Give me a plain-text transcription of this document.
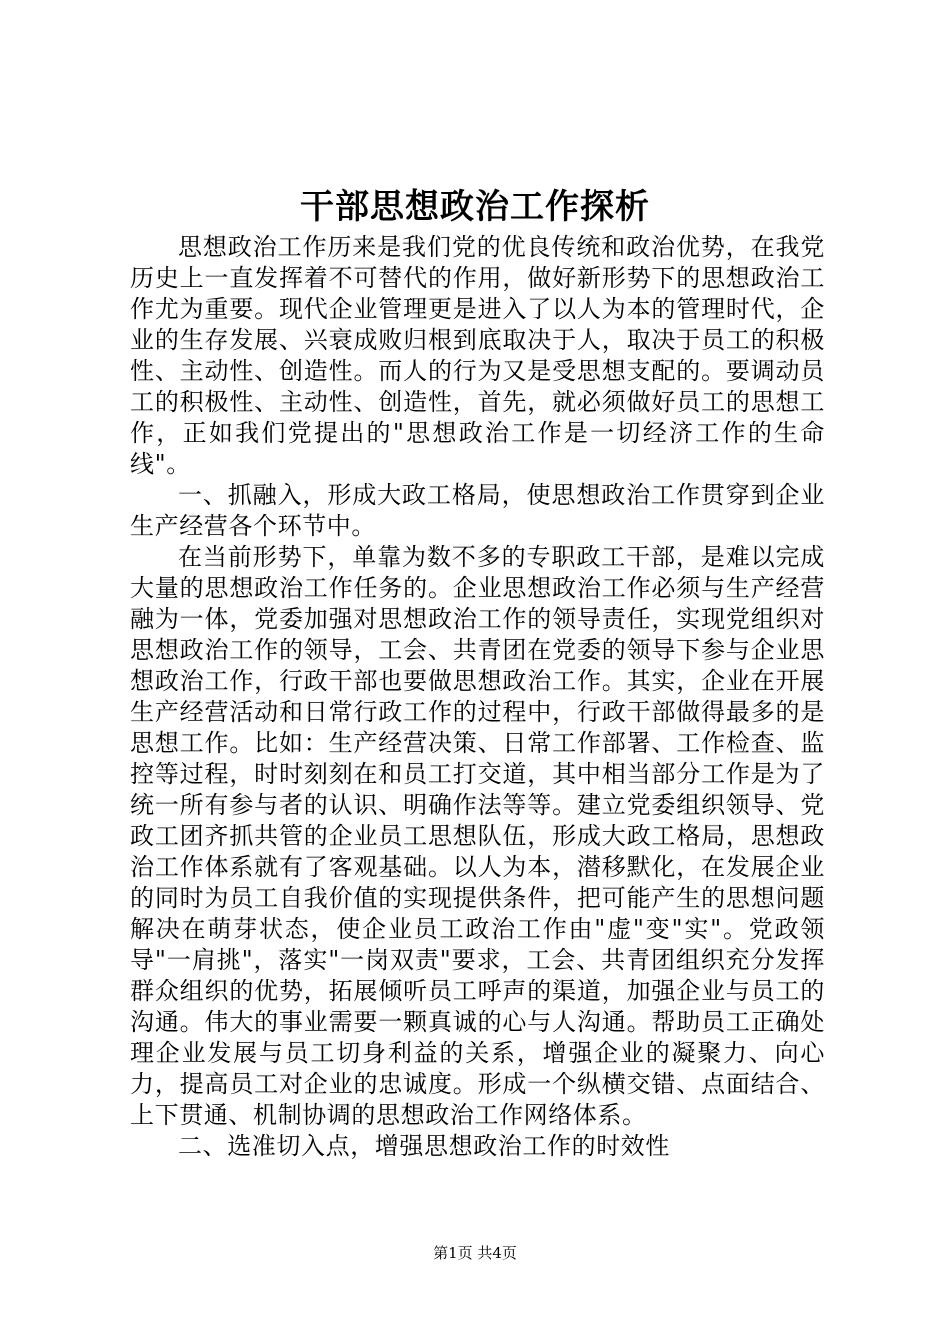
干部思想政治工作探析

思想政治工作历来是我们党的优良传统和政治优势，在我党历史上一直发挥着不可替代的作用，做好新形势下的思想政治工作尤为重要。现代企业管理更是进入了以人为本的管理时代，企业的生存发展、兴衰成败归根到底取决于人，取决于员工的积极性、主动性、创造性。而人的行为又是受思想支配的。要调动员工的积极性、主动性、创造性，首先，就必须做好员工的思想工作，正如我们党提出的"思想政治工作是一切经济工作的生命线"。

一、抓融入，形成大政工格局，使思想政治工作贯穿到企业生产经营各个环节中。

在当前形势下，单靠为数不多的专职政工干部，是难以完成大量的思想政治工作任务的。企业思想政治工作必须与生产经营融为一体，党委加强对思想政治工作的领导责任，实现党组织对思想政治工作的领导，工会、共青团在党委的领导下参与企业思想政治工作，行政干部也要做思想政治工作。其实，企业在开展生产经营活动和日常行政工作的过程中，行政干部做得最多的是思想工作。比如：生产经营决策、日常工作部署、工作检查、监控等过程，时时刻刻在和员工打交道，其中相当部分工作是为了统一所有参与者的认识、明确作法等等。建立党委组织领导、党政工团齐抓共管的企业员工思想队伍，形成大政工格局，思想政治工作体系就有了客观基础。以人为本，潜移默化，在发展企业的同时为员工自我价值的实现提供条件，把可能产生的思想问题解决在萌芽状态，使企业员工政治工作由"虚"变"实"。党政领导"一肩挑"，落实"一岗双责"要求，工会、共青团组织充分发挥群众组织的优势，拓展倾听员工呼声的渠道，加强企业与员工的沟通。伟大的事业需要一颗真诚的心与人沟通。帮助员工正确处理企业发展与员工切身利益的关系，增强企业的凝聚力、向心力，提高员工对企业的忠诚度。形成一个纵横交错、点面结合、上下贯通、机制协调的思想政治工作网络体系。

二、选准切入点，增强思想政治工作的时效性

第1页 共4页
